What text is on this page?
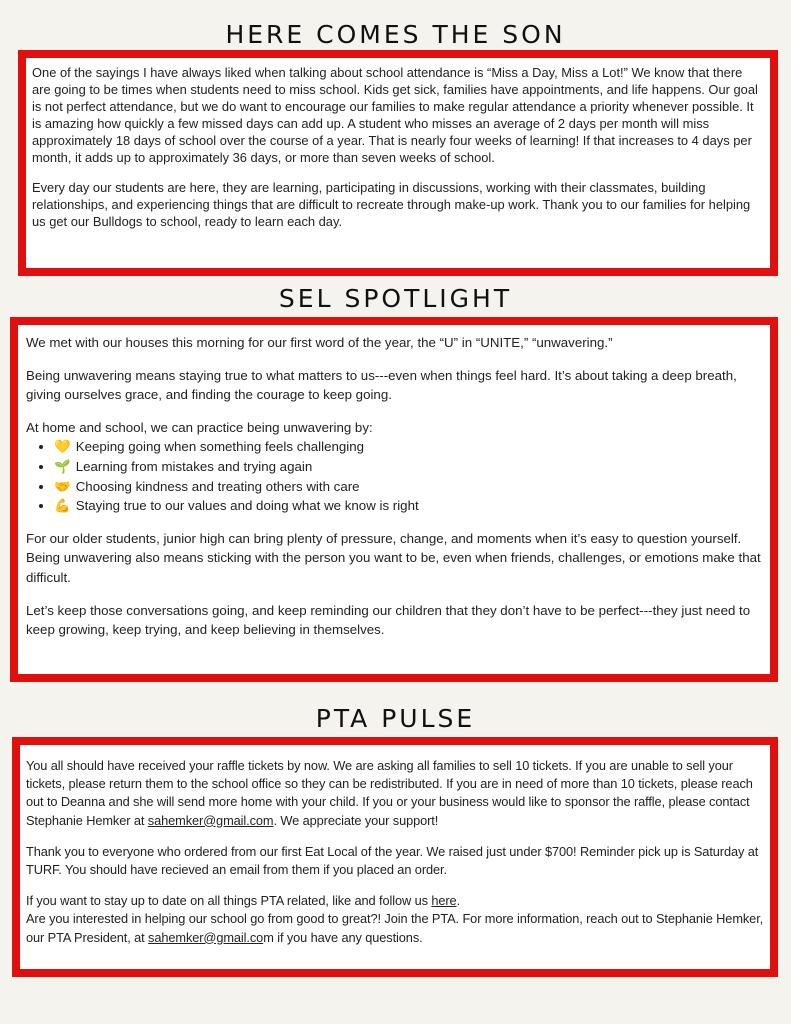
HERE COMES THE SON

One of the sayings I have always liked when talking about school attendance is “Miss a Day, Miss a Lot!” We know that there are going to be times when students need to miss school. Kids get sick, families have appointments, and life happens. Our goal is not perfect attendance, but we do want to encourage our families to make regular attendance a priority whenever possible. It is amazing how quickly a few missed days can add up. A student who misses an average of 2 days per month will miss approximately 18 days of school over the course of a year. That is nearly four weeks of learning! If that increases to 4 days per month, it adds up to approximately 36 days, or more than seven weeks of school.

Every day our students are here, they are learning, participating in discussions, working with their classmates, building relationships, and experiencing things that are difficult to recreate through make-up work. Thank you to our families for helping us get our Bulldogs to school, ready to learn each day.

SEL SPOTLIGHT

We met with our houses this morning for our first word of the year, the “U” in “UNITE,” “unwavering.”

Being unwavering means staying true to what matters to us---even when things feel hard. It’s about taking a deep breath, giving ourselves grace, and finding the courage to keep going.

At home and school, we can practice being unwavering by:

• 💛 Keeping going when something feels challenging
• 🌱 Learning from mistakes and trying again
• 🤝 Choosing kindness and treating others with care
• 💪 Staying true to our values and doing what we know is right

For our older students, junior high can bring plenty of pressure, change, and moments when it’s easy to question yourself. Being unwavering also means sticking with the person you want to be, even when friends, challenges, or emotions make that difficult.

Let’s keep those conversations going, and keep reminding our children that they don’t have to be perfect---they just need to keep growing, keep trying, and keep believing in themselves.

PTA PULSE

You all should have received your raffle tickets by now. We are asking all families to sell 10 tickets. If you are unable to sell your tickets, please return them to the school office so they can be redistributed. If you are in need of more than 10 tickets, please reach out to Deanna and she will send more home with your child. If you or your business would like to sponsor the raffle, please contact Stephanie Hemker at sahemker@gmail.com. We appreciate your support!

Thank you to everyone who ordered from our first Eat Local of the year. We raised just under $700! Reminder pick up is Saturday at TURF. You should have recieved an email from them if you placed an order.

If you want to stay up to date on all things PTA related, like and follow us here.

Are you interested in helping our school go from good to great?! Join the PTA. For more information, reach out to Stephanie Hemker, our PTA President, at sahemker@gmail.com if you have any questions.
